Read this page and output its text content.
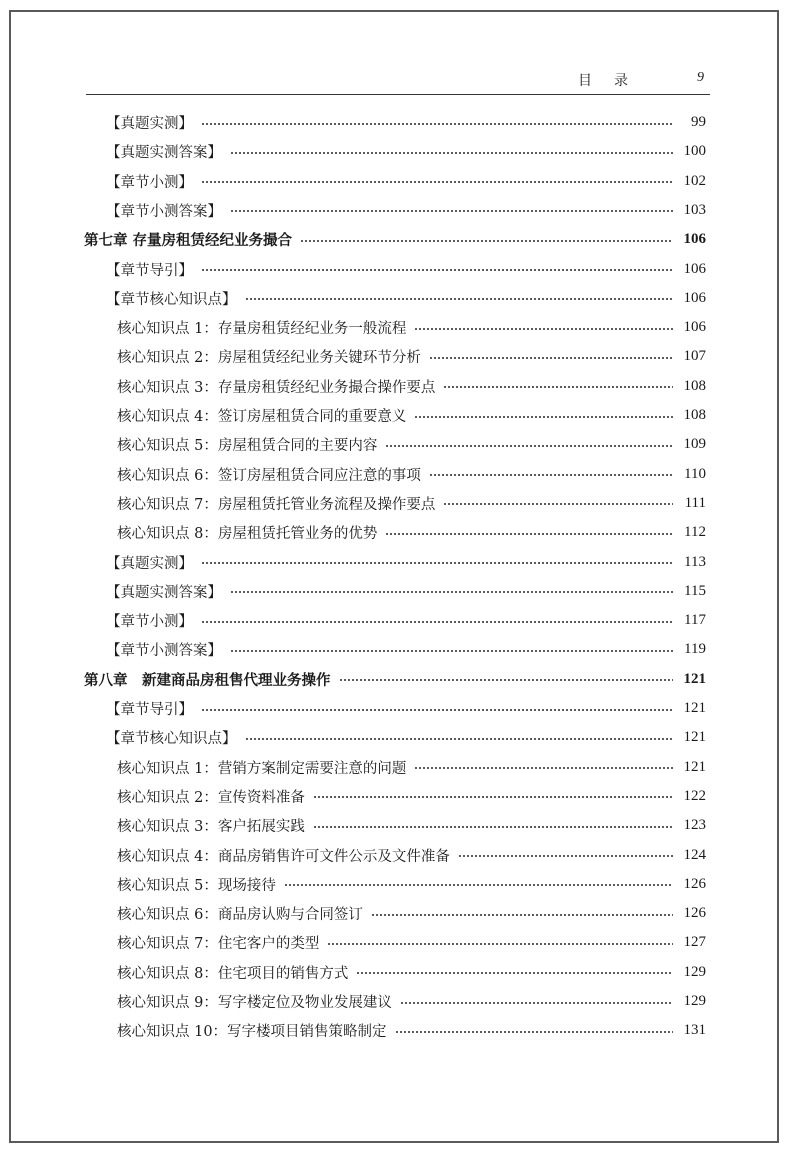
目录	9
【真题实测】	99
【真题实测答案】	100
【章节小测】	102
【章节小测答案】	103
第七章 存量房租赁经纪业务撮合	106
【章节导引】	106
【章节核心知识点】	106
核心知识点 1：存量房租赁经纪业务一般流程	106
核心知识点 2：房屋租赁经纪业务关键环节分析	107
核心知识点 3：存量房租赁经纪业务撮合操作要点	108
核心知识点 4：签订房屋租赁合同的重要意义	108
核心知识点 5：房屋租赁合同的主要内容	109
核心知识点 6：签订房屋租赁合同应注意的事项	110
核心知识点 7：房屋租赁托管业务流程及操作要点	111
核心知识点 8：房屋租赁托管业务的优势	112
【真题实测】	113
【真题实测答案】	115
【章节小测】	117
【章节小测答案】	119
第八章　新建商品房租售代理业务操作	121
【章节导引】	121
【章节核心知识点】	121
核心知识点 1：营销方案制定需要注意的问题	121
核心知识点 2：宣传资料准备	122
核心知识点 3：客户拓展实践	123
核心知识点 4：商品房销售许可文件公示及文件准备	124
核心知识点 5：现场接待	126
核心知识点 6：商品房认购与合同签订	126
核心知识点 7：住宅客户的类型	127
核心知识点 8：住宅项目的销售方式	129
核心知识点 9：写字楼定位及物业发展建议	129
核心知识点 10：写字楼项目销售策略制定	131
